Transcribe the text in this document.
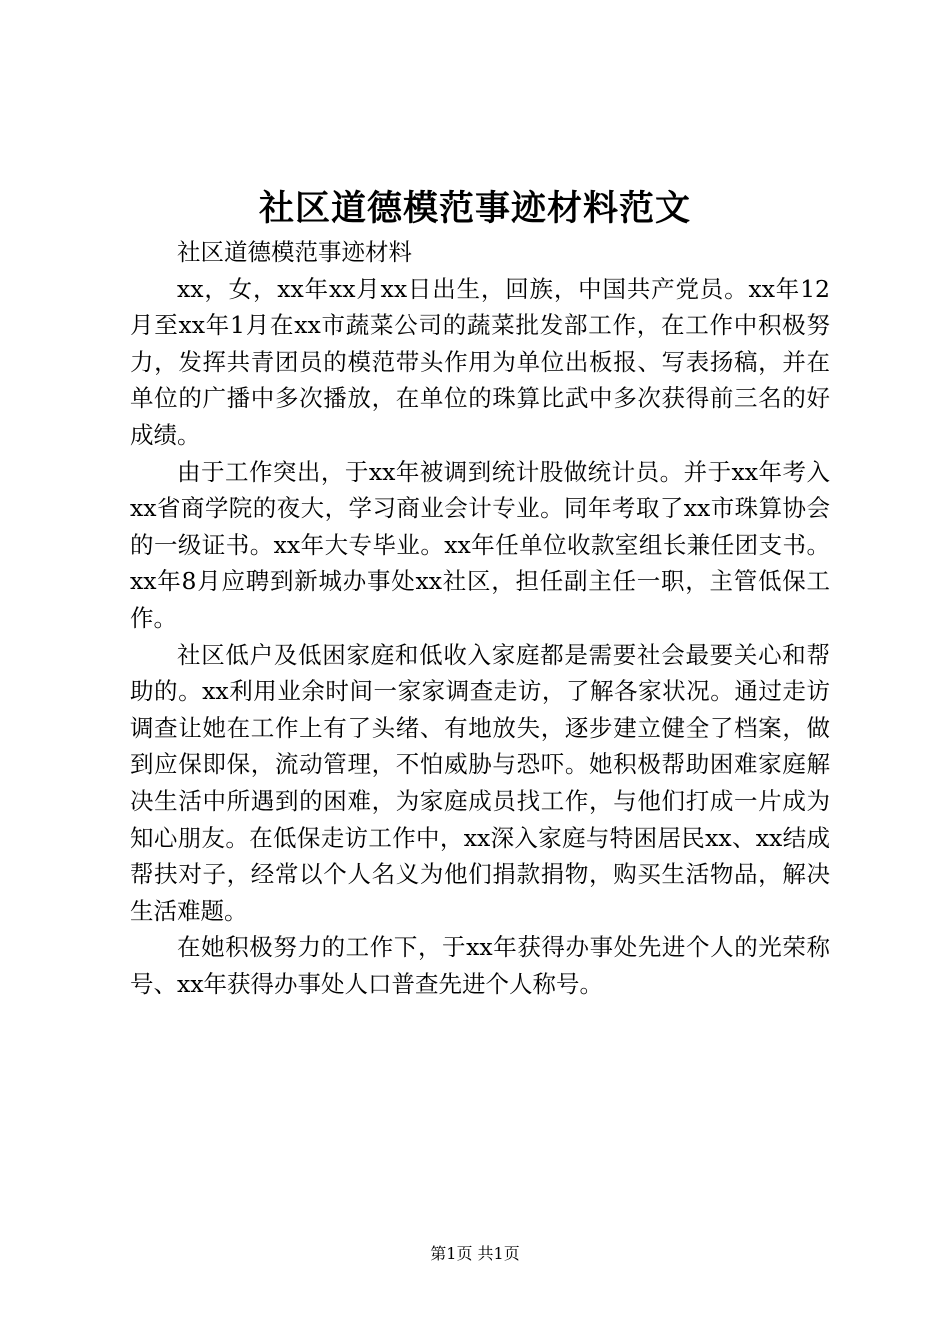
社区道德模范事迹材料范文

社区道德模范事迹材料

xx，女，xx年xx月xx日出生，回族，中国共产党员。xx年12月至xx年1月在xx市蔬菜公司的蔬菜批发部工作，在工作中积极努力，发挥共青团员的模范带头作用为单位出板报、写表扬稿，并在单位的广播中多次播放，在单位的珠算比武中多次获得前三名的好成绩。

由于工作突出，于xx年被调到统计股做统计员。并于xx年考入xx省商学院的夜大，学习商业会计专业。同年考取了xx市珠算协会的一级证书。xx年大专毕业。xx年任单位收款室组长兼任团支书。xx年8月应聘到新城办事处xx社区，担任副主任一职，主管低保工作。

社区低户及低困家庭和低收入家庭都是需要社会最要关心和帮助的。xx利用业余时间一家家调查走访，了解各家状况。通过走访调查让她在工作上有了头绪、有地放失，逐步建立健全了档案，做到应保即保，流动管理，不怕威胁与恐吓。她积极帮助困难家庭解决生活中所遇到的困难，为家庭成员找工作，与他们打成一片成为知心朋友。在低保走访工作中，xx深入家庭与特困居民xx、xx结成帮扶对子，经常以个人名义为他们捐款捐物，购买生活物品，解决生活难题。

在她积极努力的工作下，于xx年获得办事处先进个人的光荣称号、xx年获得办事处人口普查先进个人称号。

第1页 共1页
